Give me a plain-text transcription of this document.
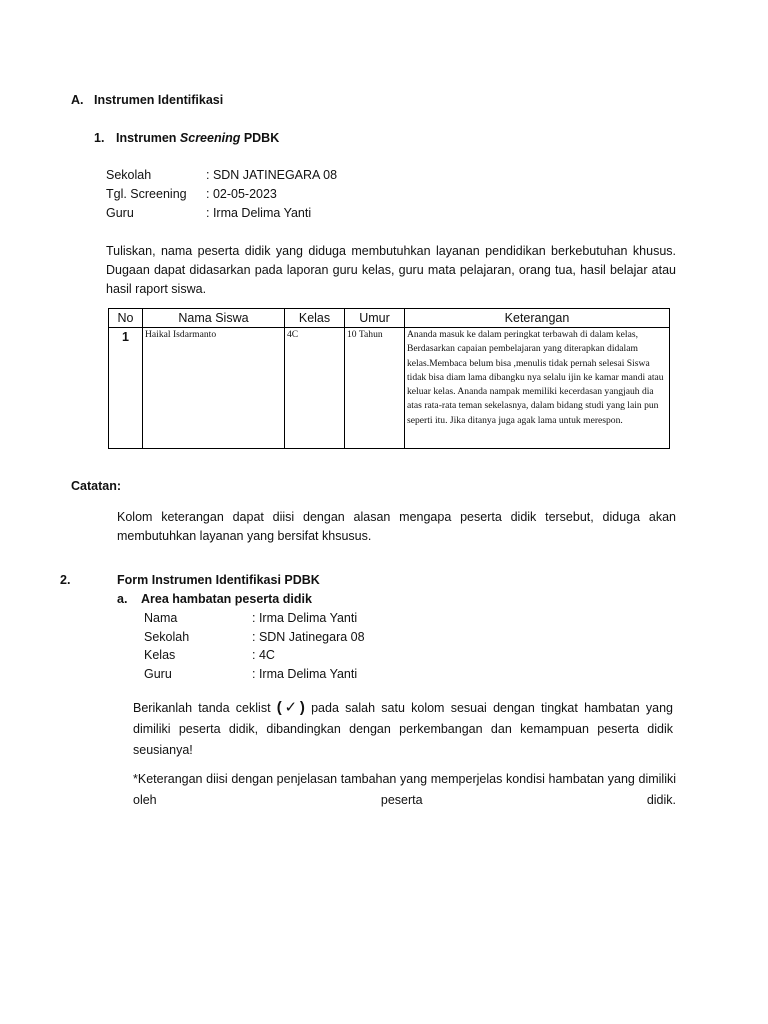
A. Instrumen Identifikasi
1. Instrumen Screening PDBK
Sekolah	: SDN JATINEGARA 08
Tgl. Screening : 02-05-2023
Guru	: Irma Delima Yanti
Tuliskan, nama peserta didik yang diduga membutuhkan layanan pendidikan berkebutuhan khusus. Dugaan dapat didasarkan pada laporan guru kelas, guru mata pelajaran, orang tua, hasil belajar atau hasil raport siswa.
No	Nama Siswa	Kelas	Umur	Keterangan
1	Haikal Isdarmanto	4C	10 Tahun	Ananda masuk ke dalam peringkat terbawah di dalam kelas, Berdasarkan capaian pembelajaran yang diterapkan didalam kelas.Membaca belum bisa ,menulis tidak pernah selesai Siswa tidak bisa diam lama dibangku nya selalu ijin ke kamar mandi atau keluar kelas. Ananda nampak memiliki kecerdasan yangjauh dia atas rata-rata teman sekelasnya, dalam bidang studi yang lain pun seperti itu. Jika ditanya juga agak lama untuk merespon.
Catatan:
Kolom keterangan dapat diisi dengan alasan mengapa peserta didik tersebut, diduga akan membutuhkan layanan yang bersifat khsusus.
2.	Form Instrumen Identifikasi PDBK
a. Area hambatan peserta didik
Nama	: Irma Delima Yanti
Sekolah	: SDN Jatinegara 08
Kelas	: 4C
Guru	: Irma Delima Yanti
Berikanlah tanda ceklist (✓) pada salah satu kolom sesuai dengan tingkat hambatan yang dimiliki peserta didik, dibandingkan dengan perkembangan dan kemampuan peserta didik seusianya!
*Keterangan diisi dengan penjelasan tambahan yang memperjelas kondisi hambatan yang dimiliki oleh peserta didik.
